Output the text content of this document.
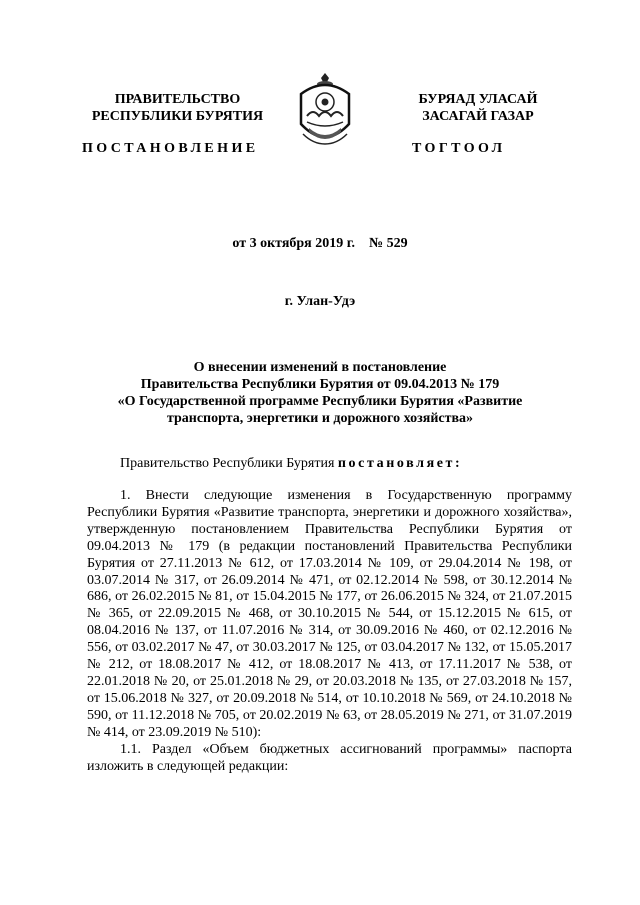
ПРАВИТЕЛЬСТВО
РЕСПУБЛИКИ БУРЯТИЯ
БУРЯАД УЛАСАЙ
ЗАСАГАЙ ГАЗАР
ПОСТАНОВЛЕНИЕ	ТОГТООЛ
от 3 октября 2019 г.    № 529
г. Улан-Удэ
О внесении изменений в постановление
Правительства Республики Бурятия от 09.04.2013 № 179
«О Государственной программе Республики Бурятия «Развитие
транспорта, энергетики и дорожного хозяйства»
Правительство Республики Бурятия постановляет:

1. Внести следующие изменения в Государственную программу Республики Бурятия «Развитие транспорта, энергетики и дорожного хозяйства», утвержденную постановлением Правительства Республики Бурятия от 09.04.2013 № 179 (в редакции постановлений Правительства Республики Бурятия от 27.11.2013 № 612, от 17.03.2014 № 109, от 29.04.2014 № 198, от 03.07.2014 № 317, от 26.09.2014 № 471, от 02.12.2014 № 598, от 30.12.2014 № 686, от 26.02.2015 № 81, от 15.04.2015 № 177, от 26.06.2015 № 324, от 21.07.2015 № 365, от 22.09.2015 № 468, от 30.10.2015 № 544, от 15.12.2015 № 615, от 08.04.2016 № 137, от 11.07.2016 № 314, от 30.09.2016 № 460, от 02.12.2016 № 556, от 03.02.2017 № 47, от 30.03.2017 № 125, от 03.04.2017 № 132, от 15.05.2017 № 212, от 18.08.2017 № 412, от 18.08.2017 № 413, от 17.11.2017 № 538, от 22.01.2018 № 20, от 25.01.2018 № 29, от 20.03.2018 № 135, от 27.03.2018 № 157, от 15.06.2018 № 327, от 20.09.2018 № 514, от 10.10.2018 № 569, от 24.10.2018 № 590, от 11.12.2018 № 705, от 20.02.2019 № 63, от 28.05.2019 № 271, от 31.07.2019 № 414, от 23.09.2019 № 510):

1.1. Раздел «Объем бюджетных ассигнований программы» паспорта изложить в следующей редакции:
